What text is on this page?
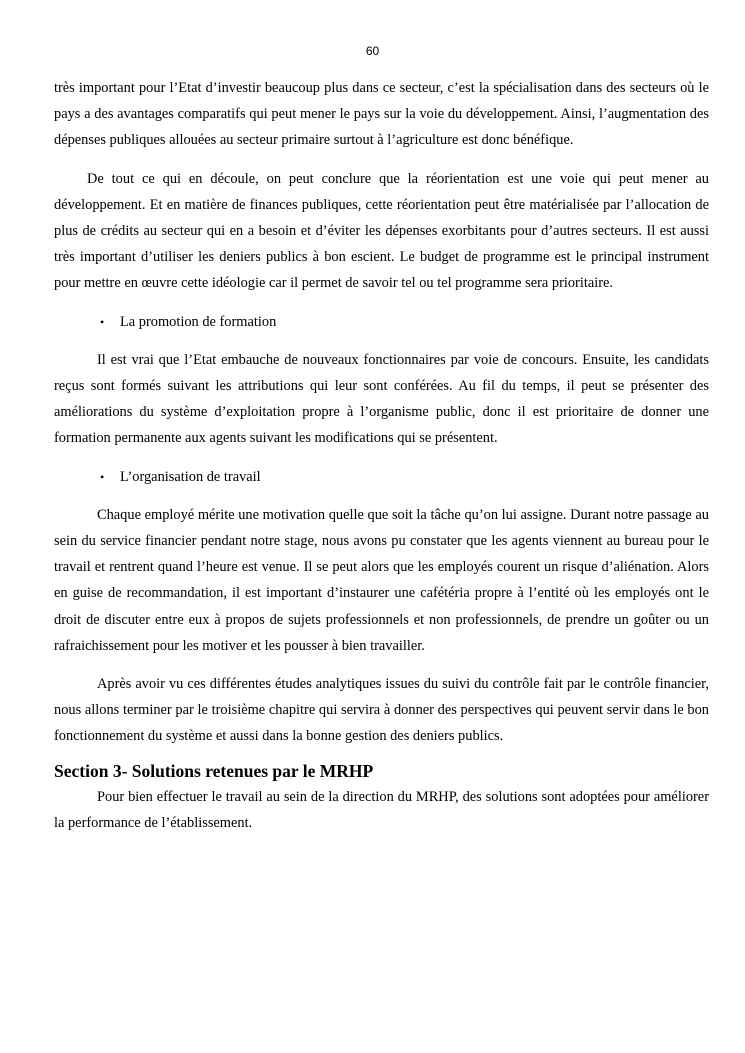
60

très important pour l’Etat d’investir beaucoup plus dans ce secteur, c’est la spécialisation dans des secteurs où le pays a des avantages comparatifs qui peut mener le pays sur la voie du développement. Ainsi, l’augmentation des dépenses publiques allouées au secteur primaire surtout à l’agriculture est donc bénéfique.

De tout ce qui en découle, on peut conclure que la réorientation est une voie qui peut mener au développement. Et en matière de finances publiques, cette réorientation peut être matérialisée par l’allocation de plus de crédits au secteur qui en a besoin et d’éviter les dépenses exorbitants pour d’autres secteurs. Il est aussi très important d’utiliser les deniers publics à bon escient. Le budget de programme est le principal instrument pour mettre en œuvre cette idéologie car il permet de savoir tel ou tel programme sera prioritaire.

• La promotion de formation

Il est vrai que l’Etat embauche de nouveaux fonctionnaires par voie de concours. Ensuite, les candidats reçus sont formés suivant les attributions qui leur sont conférées. Au fil du temps, il peut se présenter des améliorations du système d’exploitation propre à l’organisme public, donc il est prioritaire de donner une formation permanente aux agents suivant les modifications qui se présentent.

• L’organisation de travail

Chaque employé mérite une motivation quelle que soit la tâche qu’on lui assigne. Durant notre passage au sein du service financier pendant notre stage, nous avons pu constater que les agents viennent au bureau pour le travail et rentrent quand l’heure est venue. Il se peut alors que les employés courent un risque d’aliénation. Alors en guise de recommandation, il est important d’instaurer une cafétéria propre à l’entité où les employés ont le droit de discuter entre eux à propos de sujets professionnels et non professionnels, de prendre un goûter ou un rafraichissement pour les motiver et les pousser à bien travailler.

Après avoir vu ces différentes études analytiques issues du suivi du contrôle fait par le contrôle financier, nous allons terminer par le troisième chapitre qui servira à donner des perspectives qui peuvent servir dans le bon fonctionnement du système et aussi dans la bonne gestion des deniers publics.

Section 3- Solutions retenues par le MRHP

Pour bien effectuer le travail au sein de la direction du MRHP, des solutions sont adoptées pour améliorer la performance de l’établissement.
